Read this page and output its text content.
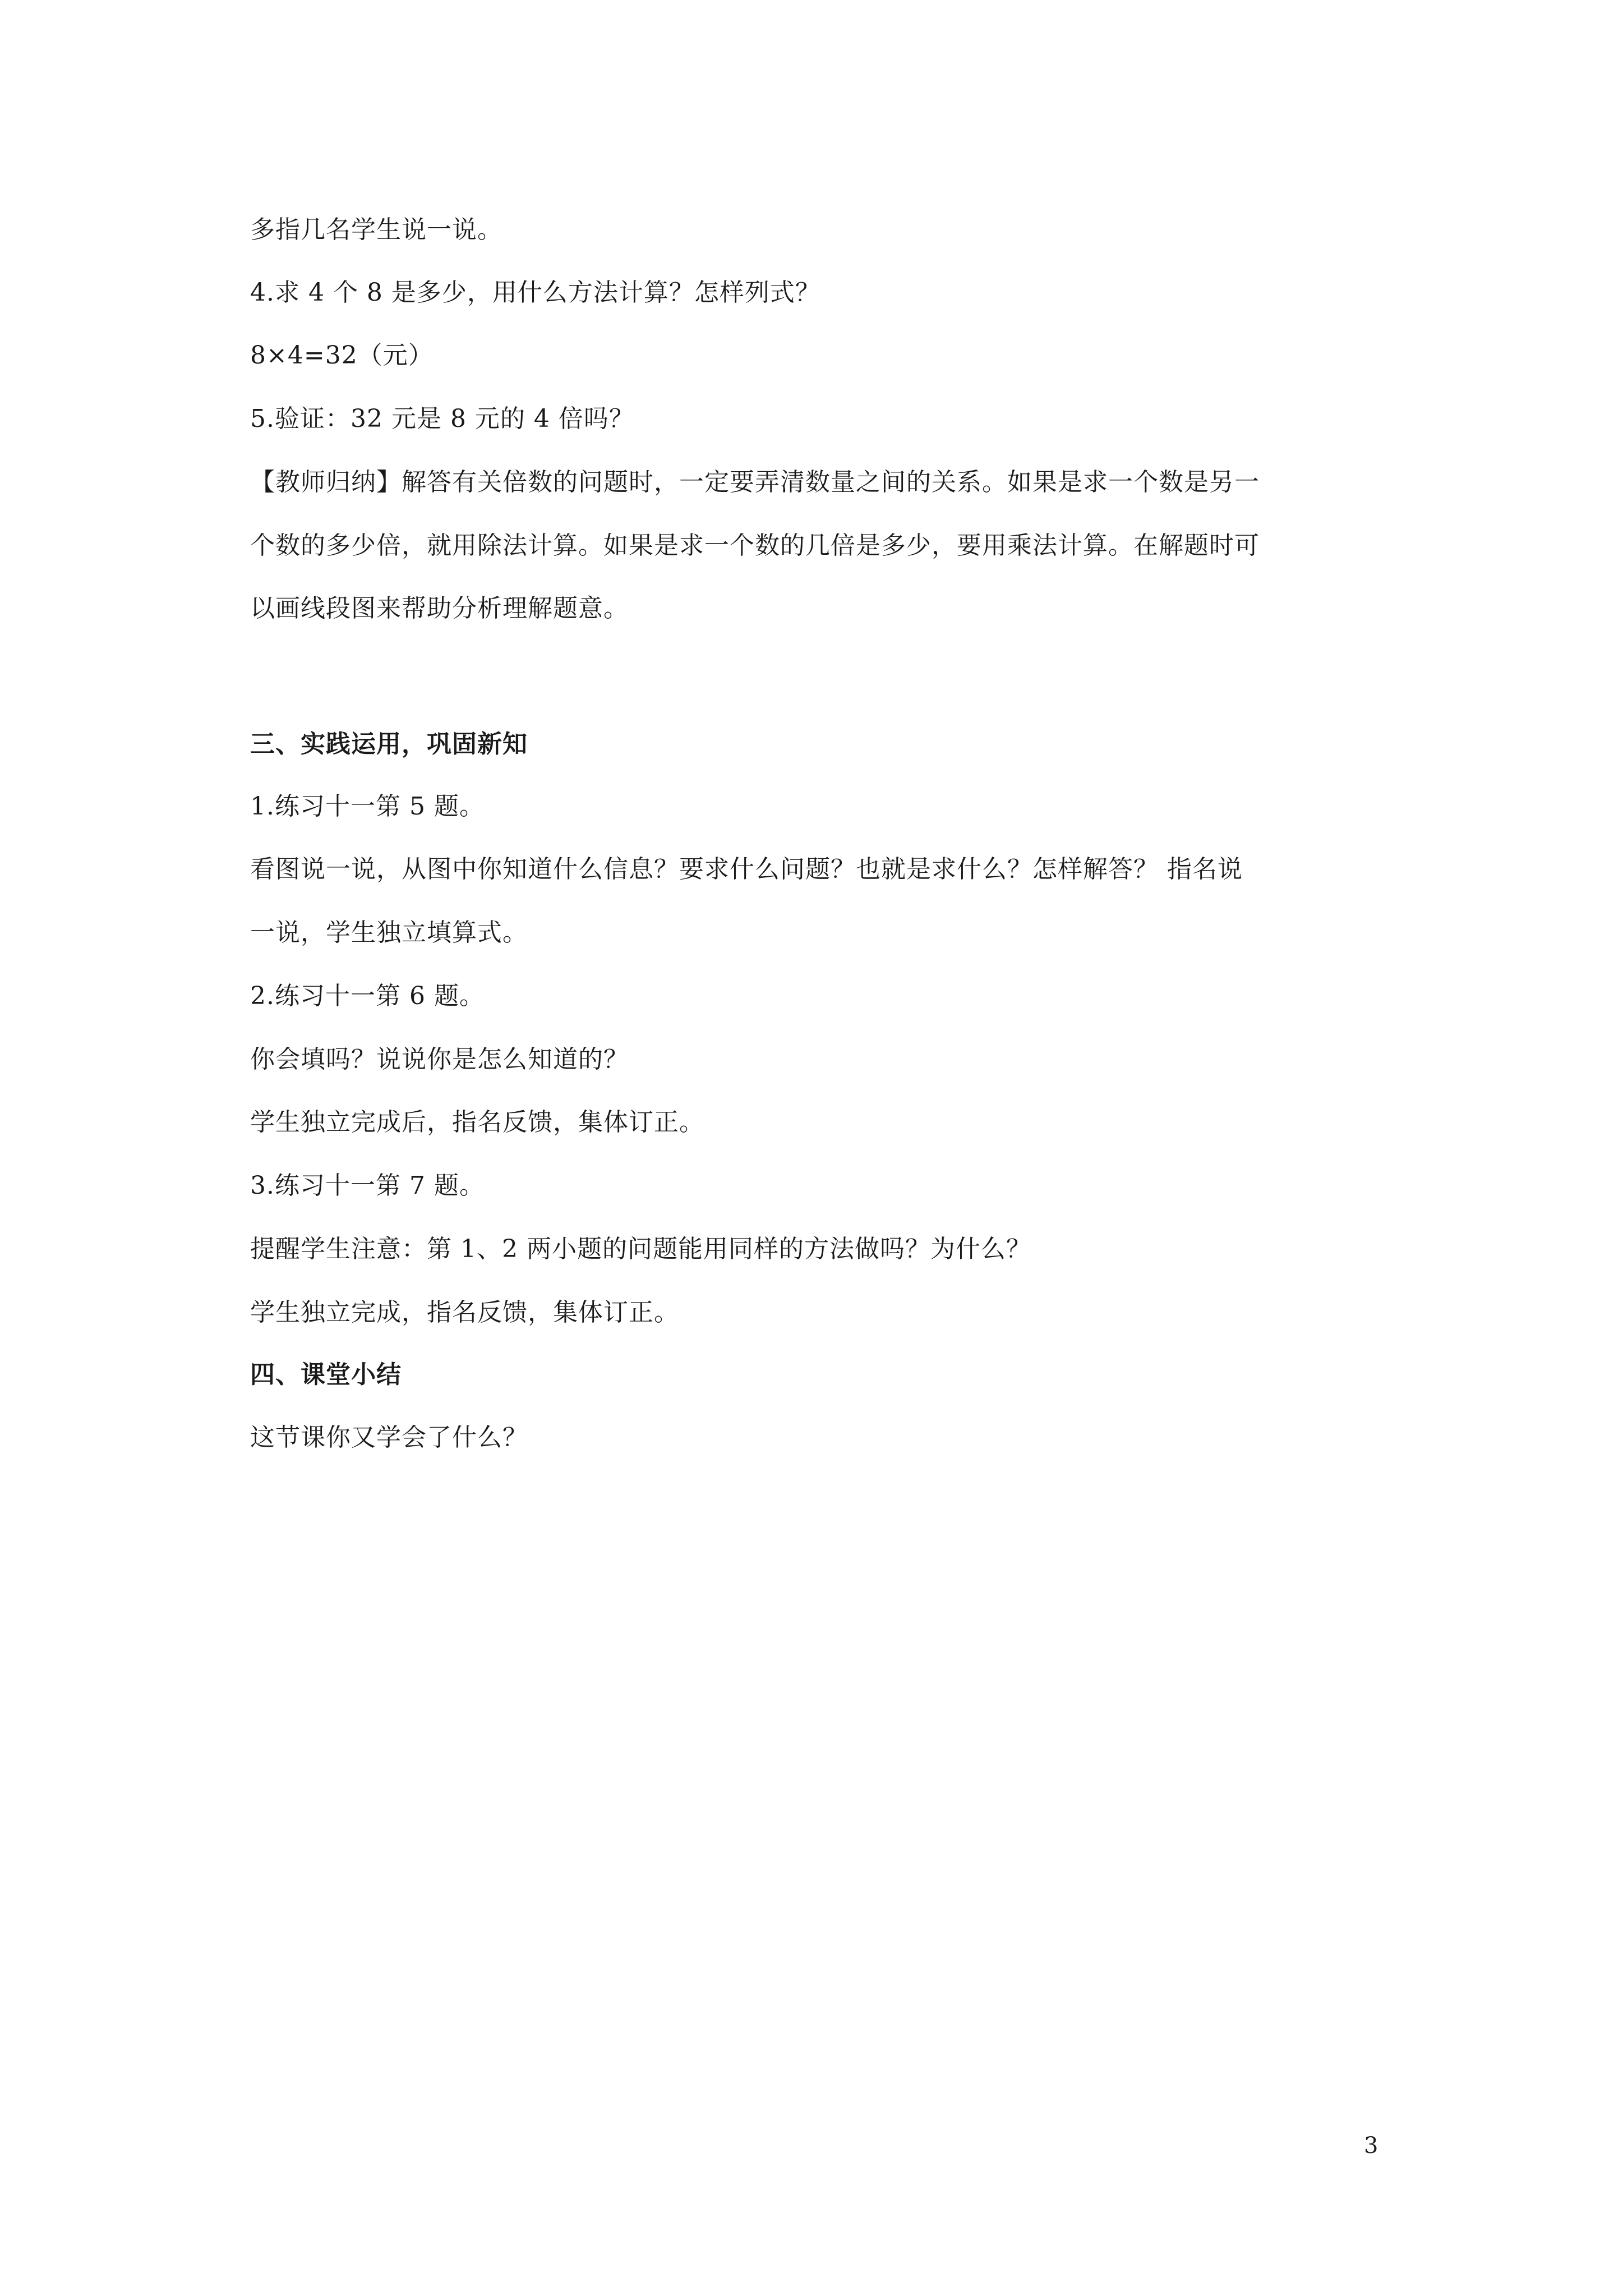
多指几名学生说一说。
4.求 4 个 8 是多少，用什么方法计算？怎样列式？
8×4=32（元）
5.验证：32 元是 8 元的 4 倍吗？
【教师归纳】解答有关倍数的问题时，一定要弄清数量之间的关系。如果是求一个数是另一
个数的多少倍，就用除法计算。如果是求一个数的几倍是多少，要用乘法计算。在解题时可
以画线段图来帮助分析理解题意。
三、实践运用，巩固新知
1.练习十一第 5 题。
看图说一说，从图中你知道什么信息？要求什么问题？也就是求什么？怎样解答？ 指名说
一说，学生独立填算式。
2.练习十一第 6 题。
你会填吗？说说你是怎么知道的？
学生独立完成后，指名反馈，集体订正。
3.练习十一第 7 题。
提醒学生注意：第 1、2 两小题的问题能用同样的方法做吗？为什么？
学生独立完成，指名反馈，集体订正。
四、课堂小结
这节课你又学会了什么？
3
